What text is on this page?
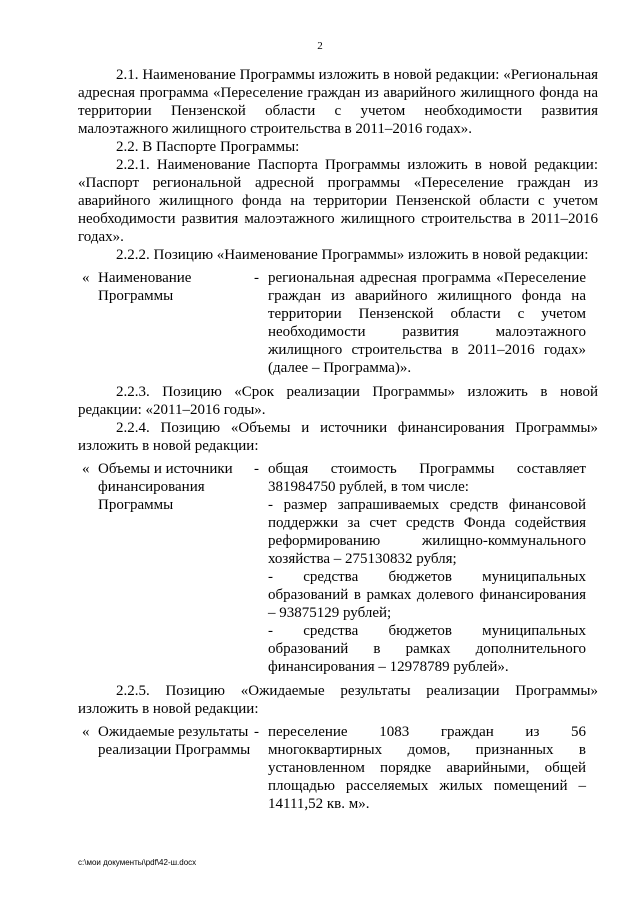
2

2.1. Наименование Программы изложить в новой редакции: «Региональная адресная программа «Переселение граждан из аварийного жилищного фонда на территории Пензенской области с учетом необходимости развития малоэтажного жилищного строительства в 2011–2016 годах».

2.2. В Паспорте Программы:

2.2.1. Наименование Паспорта Программы изложить в новой редакции: «Паспорт региональной адресной программы «Переселение граждан из аварийного жилищного фонда на территории Пензенской области с учетом необходимости развития малоэтажного жилищного строительства в 2011–2016 годах».

2.2.2. Позицию «Наименование Программы» изложить в новой редакции:

« Наименование Программы
- региональная адресная программа «Переселение граждан из аварийного жилищного фонда на территории Пензенской области с учетом необходимости развития малоэтажного жилищного строительства в 2011–2016 годах» (далее – Программа)».

2.2.3. Позицию «Срок реализации Программы» изложить в новой редакции: «2011–2016 годы».

2.2.4. Позицию «Объемы и источники финансирования Программы» изложить в новой редакции:

« Объемы и источники финансирования Программы
- общая стоимость Программы составляет 381984750 рублей, в том числе:

- размер запрашиваемых средств финансовой поддержки за счет средств Фонда содействия реформированию жилищно-коммунального хозяйства – 275130832 рубля;

- средства бюджетов муниципальных образований в рамках долевого финансирования – 93875129 рублей;

- средства бюджетов муниципальных образований в рамках дополнительного финансирования – 12978789 рублей».

2.2.5. Позицию «Ожидаемые результаты реализации Программы» изложить в новой редакции:

« Ожидаемые результаты реализации Программы
- переселение 1083 граждан из 56 многоквартирных домов, признанных в установленном порядке аварийными, общей площадью расселяемых жилых помещений – 14111,52 кв. м».

c:\мои документы\pdf\42-ш.docx
